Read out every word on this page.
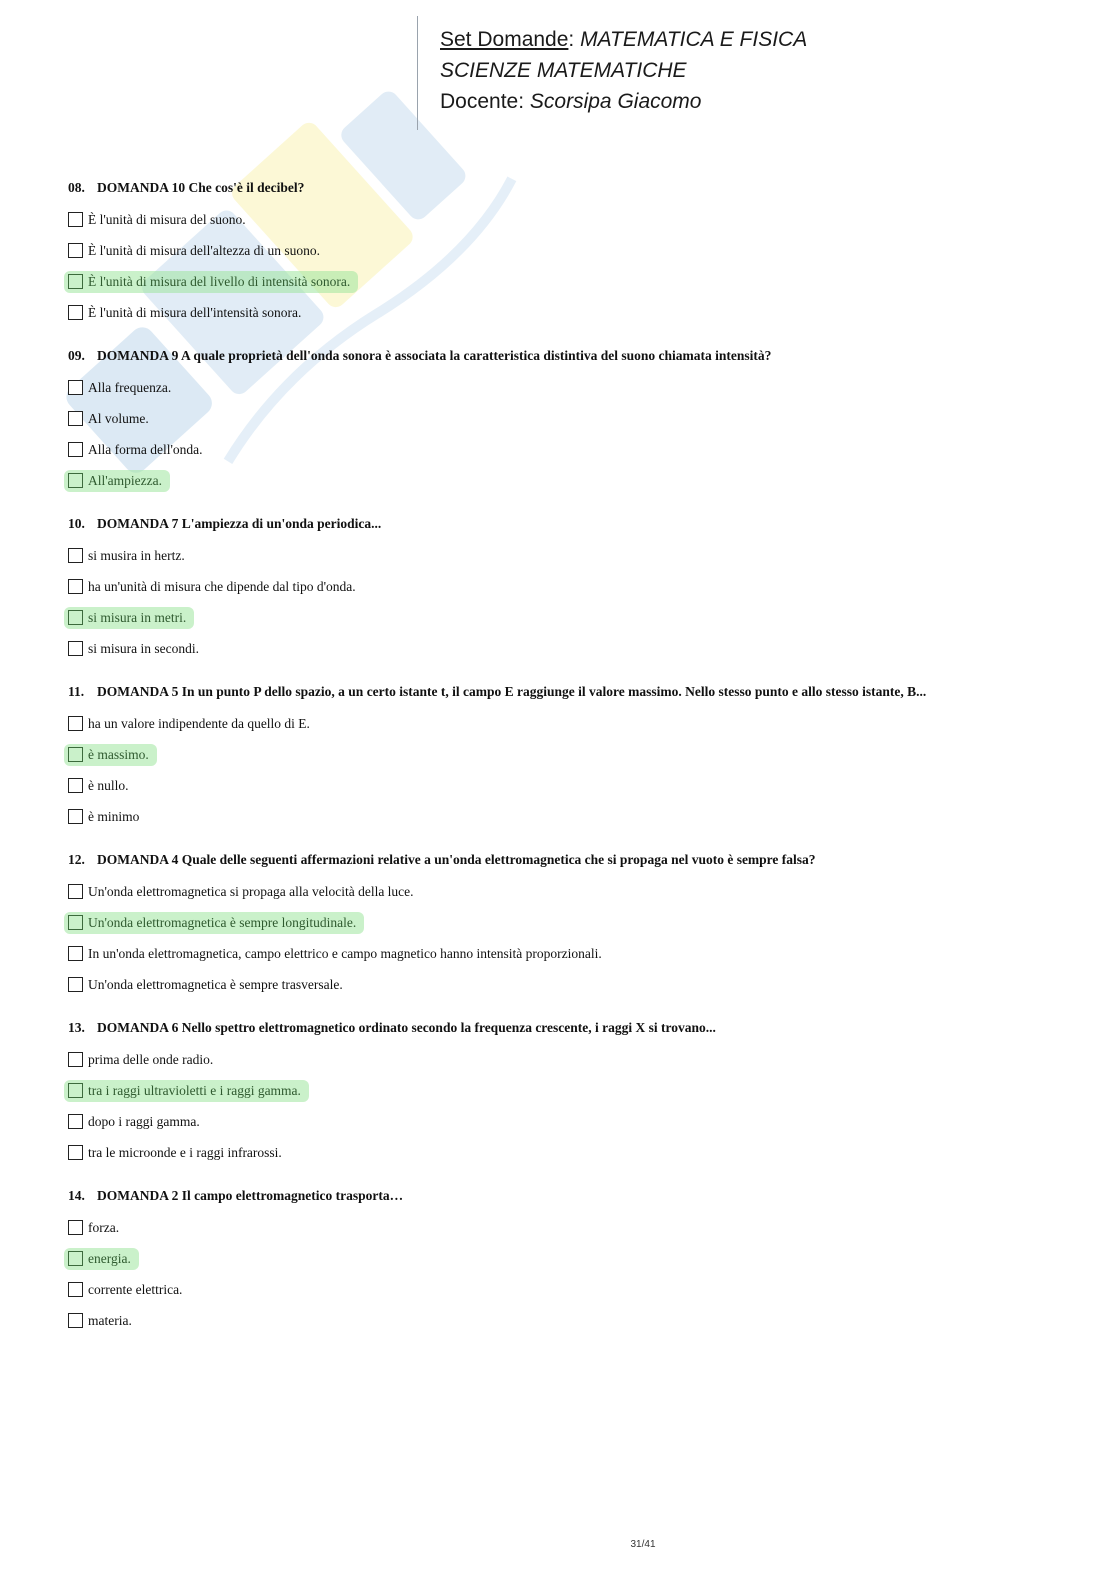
Set Domande: MATEMATICA E FISICA
SCIENZE MATEMATICHE
Docente: Scorsipa Giacomo
08. DOMANDA 10 Che cos'è il decibel?
È l'unità di misura del suono.
È l'unità di misura dell'altezza di un suono.
È l'unità di misura del livello di intensità sonora.
È l'unità di misura dell'intensità sonora.
09. DOMANDA 9 A quale proprietà dell'onda sonora è associata la caratteristica distintiva del suono chiamata intensità?
Alla frequenza.
Al volume.
Alla forma dell'onda.
All'ampiezza.
10. DOMANDA 7 L'ampiezza di un'onda periodica...
si musira in hertz.
ha un'unità di misura che dipende dal tipo d'onda.
si misura in metri.
si misura in secondi.
11. DOMANDA 5 In un punto P dello spazio, a un certo istante t, il campo E raggiunge il valore massimo. Nello stesso punto e allo stesso istante, B...
ha un valore indipendente da quello di E.
è massimo.
è nullo.
è minimo
12. DOMANDA 4 Quale delle seguenti affermazioni relative a un'onda elettromagnetica che si propaga nel vuoto è sempre falsa?
Un'onda elettromagnetica si propaga alla velocità della luce.
Un'onda elettromagnetica è sempre longitudinale.
In un'onda elettromagnetica, campo elettrico e campo magnetico hanno intensità proporzionali.
Un'onda elettromagnetica è sempre trasversale.
13. DOMANDA 6 Nello spettro elettromagnetico ordinato secondo la frequenza crescente, i raggi X si trovano...
prima delle onde radio.
tra i raggi ultravioletti e i raggi gamma.
dopo i raggi gamma.
tra le microonde e i raggi infrarossi.
14. DOMANDA 2 Il campo elettromagnetico trasporta…
forza.
energia.
corrente elettrica.
materia.
31/41
